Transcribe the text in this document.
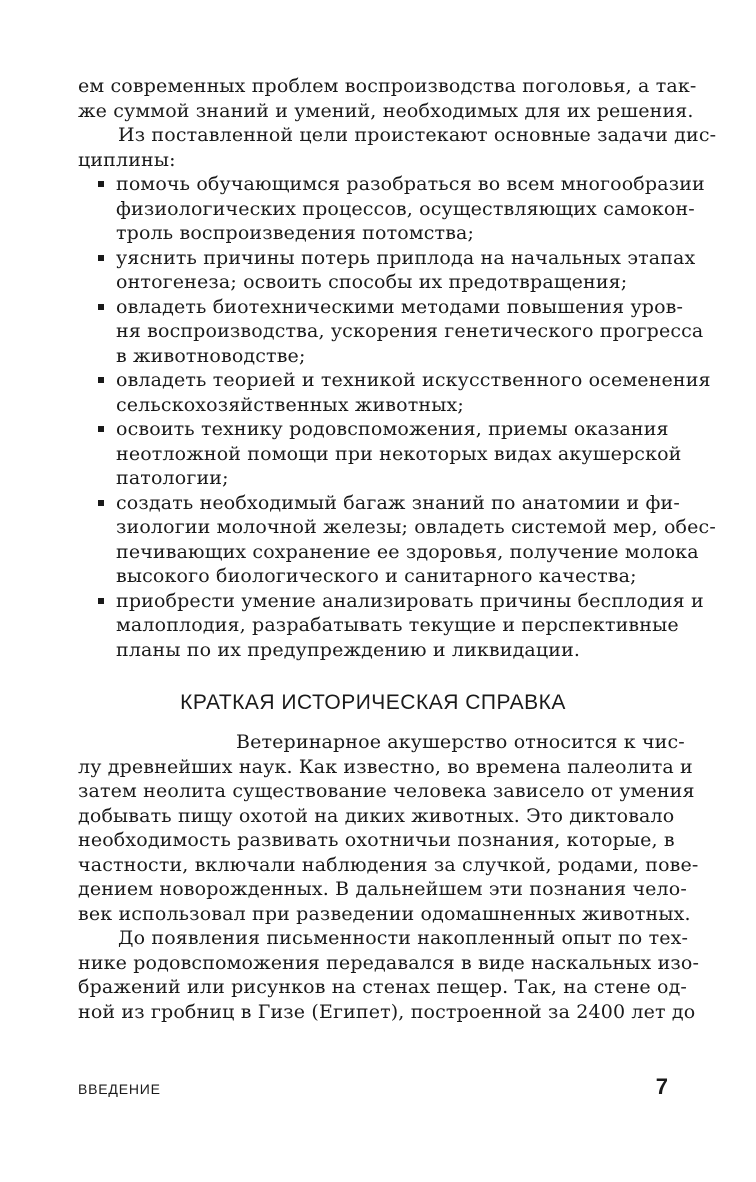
ем современных проблем воспроизводства поголовья, а так-
же суммой знаний и умений, необходимых для их решения.
Из поставленной цели проистекают основные задачи дис-
циплины:
помочь обучающимся разобраться во всем многообразии
физиологических процессов, осуществляющих самокон-
троль воспроизведения потомства;
уяснить причины потерь приплода на начальных этапах
онтогенеза; освоить способы их предотвращения;
овладеть биотехническими методами повышения уров-
ня воспроизводства, ускорения генетического прогресса
в животноводстве;
овладеть теорией и техникой искусственного осеменения
сельскохозяйственных животных;
освоить технику родовспоможения, приемы оказания
неотложной помощи при некоторых видах акушерской
патологии;
создать необходимый багаж знаний по анатомии и фи-
зиологии молочной железы; овладеть системой мер, обес-
печивающих сохранение ее здоровья, получение молока
высокого биологического и санитарного качества;
приобрести умение анализировать причины бесплодия и
малоплодия, разрабатывать текущие и перспективные
планы по их предупреждению и ликвидации.
КРАТКАЯ ИСТОРИЧЕСКАЯ СПРАВКА
Ветеринарное акушерство относится к чис-
лу древнейших наук. Как известно, во времена палеолита и
затем неолита существование человека зависело от умения
добывать пищу охотой на диких животных. Это диктовало
необходимость развивать охотничьи познания, которые, в
частности, включали наблюдения за случкой, родами, пове-
дением новорожденных. В дальнейшем эти познания чело-
век использовал при разведении одомашненных животных.
До появления письменности накопленный опыт по тех-
нике родовспоможения передавался в виде наскальных изо-
бражений или рисунков на стенах пещер. Так, на стене од-
ной из гробниц в Гизе (Египет), построенной за 2400 лет до
ВВЕДЕНИЕ	7
